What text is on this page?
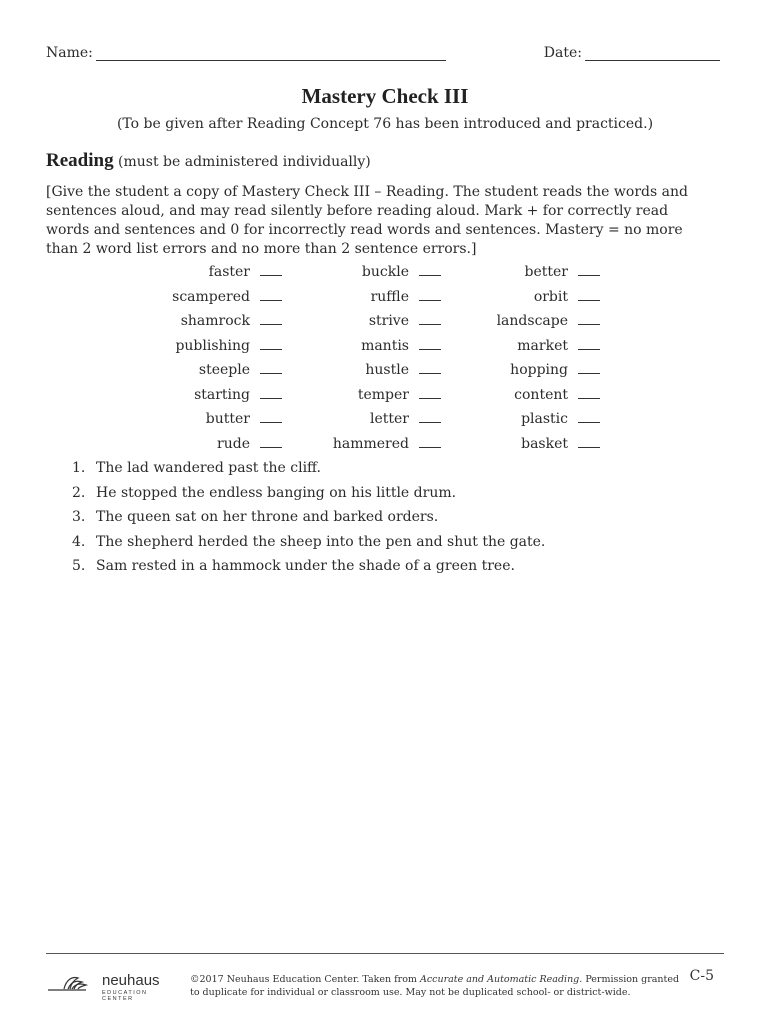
Name:	Date:
Mastery Check III
(To be given after Reading Concept 76 has been introduced and practiced.)
Reading (must be administered individually)
[Give the student a copy of Mastery Check III – Reading. The student reads the words and sentences aloud, and may read silently before reading aloud. Mark + for correctly read words and sentences and 0 for incorrectly read words and sentences. Mastery = no more than 2 word list errors and no more than 2 sentence errors.]
faster	buckle	better
scampered	ruffle	orbit
shamrock	strive	landscape
publishing	mantis	market
steeple	hustle	hopping
starting	temper	content
butter	letter	plastic
rude	hammered	basket
1. The lad wandered past the cliff.
2. He stopped the endless banging on his little drum.
3. The queen sat on her throne and barked orders.
4. The shepherd herded the sheep into the pen and shut the gate.
5. Sam rested in a hammock under the shade of a green tree.
neuhaus
EDUCATION CENTER
©2017 Neuhaus Education Center. Taken from Accurate and Automatic Reading. Permission granted to duplicate for individual or classroom use. May not be duplicated school- or district-wide.
C-5
